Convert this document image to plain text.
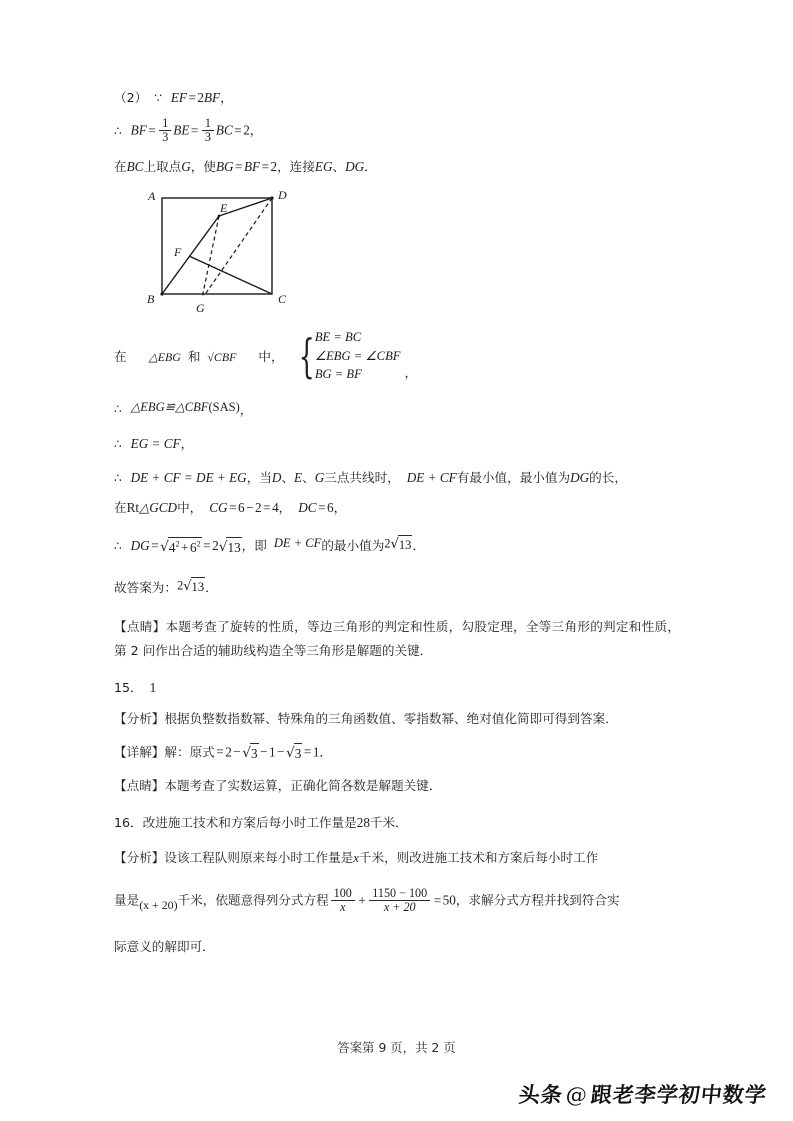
（2） ∵ EF = 2BF，

∴ BF = $\frac{1}{3}$ BE = $\frac{1}{3}$ BC = 2，

在BC上取点G，使BG = BF = 2，连接EG、DG．

A	D
B	C
E
F
G
在 △EBG 和 √CBF 中， { BE = BC
∠EBG = ∠CBF
BG = BF	，

∴ △EBG≌△CBF(SAS)，

∴ EG = CF，

∴ DE + CF = DE + EG，当D、E、G三点共线时， DE + CF有最小值，最小值为DG的长，

在Rt△GCD中， CG = 6 − 2 = 4， DC = 6，

∴ DG = $√4^2 + 6^2 = 2√13$，即 DE + CF的最小值为2√13．

故答案为：2√13．

【点睛】本题考查了旋转的性质，等边三角形的判定和性质，勾股定理，全等三角形的判定和性质，第 2 问作出合适的辅助线构造全等三角形是解题的关键．

15． 1

【分析】根据负整数指数幂、特殊角的三角函数值、零指数幂、绝对值化简即可得到答案．

【详解】解：原式 = 2 − √3 − 1 − √3 = 1．

【点睛】本题考查了实数运算，正确化简各数是解题关键．

16．改进施工技术和方案后每小时工作量是28千米．

【分析】设该工程队则原来每小时工作量是x千米，则改进施工技术和方案后每小时工作

量是(x + 20)千米，依题意得列分式方程 $\frac{100}{x} + \frac{1150 - 100}{x + 20} = 50$，求解分式方程并找到符合实

际意义的解即可．

答案第 9 页，共 2 页
头条@跟老李学初中数学
